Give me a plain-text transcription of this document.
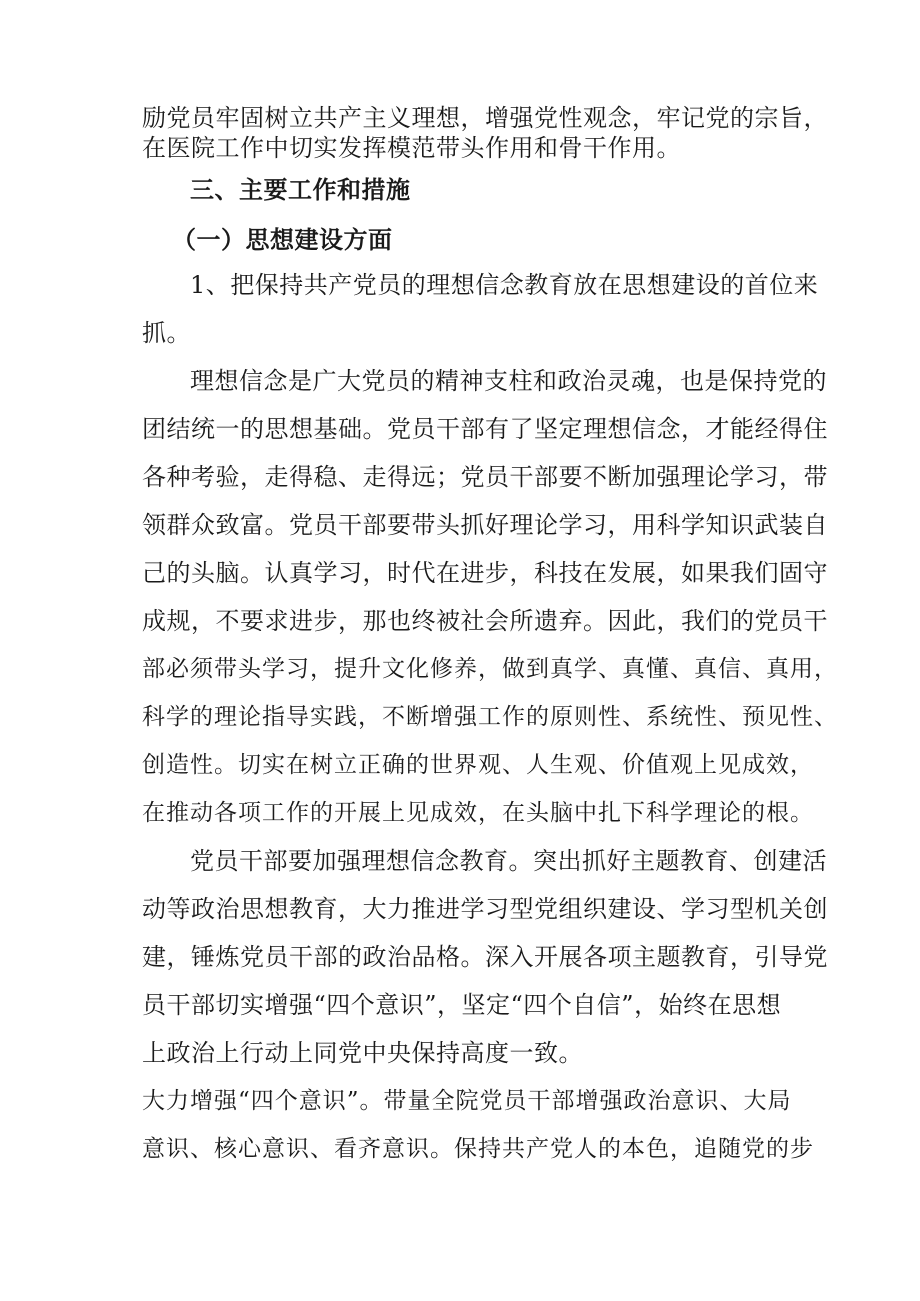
励党员牢固树立共产主义理想，增强党性观念，牢记党的宗旨，
在医院工作中切实发挥模范带头作用和骨干作用。
三、主要工作和措施
（一）思想建设方面
1、把保持共产党员的理想信念教育放在思想建设的首位来
抓。
理想信念是广大党员的精神支柱和政治灵魂，也是保持党的
团结统一的思想基础。党员干部有了坚定理想信念，才能经得住
各种考验，走得稳、走得远；党员干部要不断加强理论学习，带
领群众致富。党员干部要带头抓好理论学习，用科学知识武装自
己的头脑。认真学习，时代在进步，科技在发展，如果我们固守
成规，不要求进步，那也终被社会所遗弃。因此，我们的党员干
部必须带头学习，提升文化修养，做到真学、真懂、真信、真用，
科学的理论指导实践，不断增强工作的原则性、系统性、预见性、
创造性。切实在树立正确的世界观、人生观、价值观上见成效，
在推动各项工作的开展上见成效，在头脑中扎下科学理论的根。
党员干部要加强理想信念教育。突出抓好主题教育、创建活
动等政治思想教育，大力推进学习型党组织建设、学习型机关创
建，锤炼党员干部的政治品格。深入开展各项主题教育，引导党
员干部切实增强“四个意识”，坚定“四个自信”，始终在思想
上政治上行动上同党中央保持高度一致。
大力增强“四个意识”。带量全院党员干部增强政治意识、大局
意识、核心意识、看齐意识。保持共产党人的本色，追随党的步
